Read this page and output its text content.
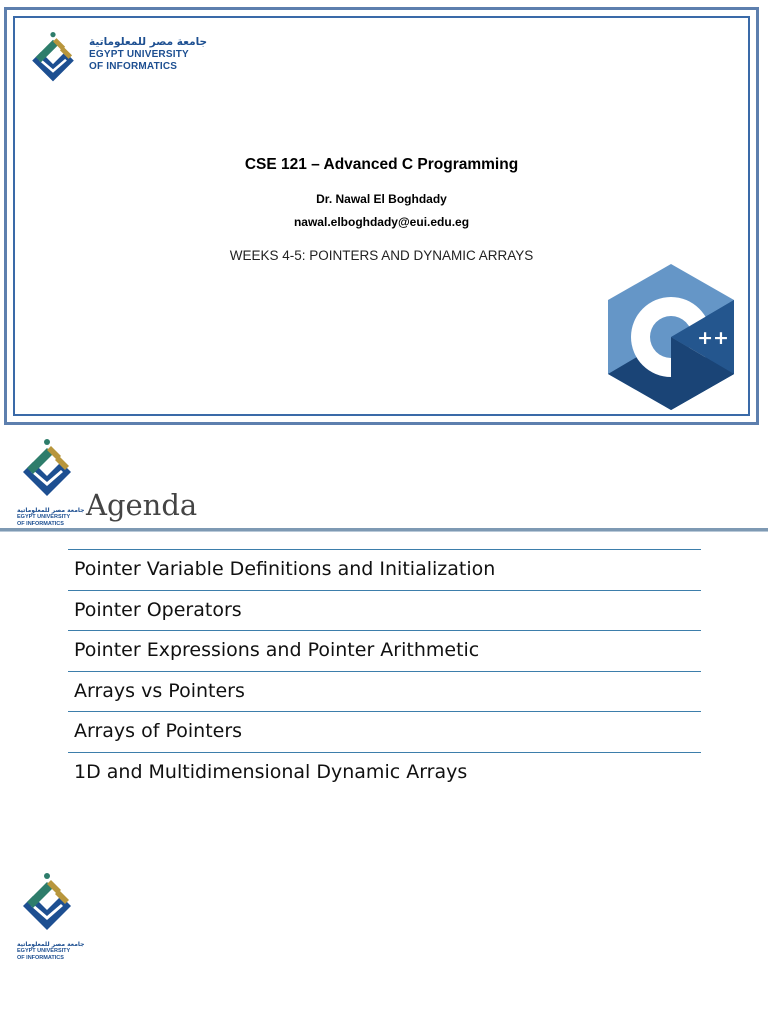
جامعة مصر للمعلوماتية
EGYPT UNIVERSITY
OF INFORMATICS
CSE 121 – Advanced C Programming
Dr. Nawal El Boghdady
nawal.elboghdady@eui.edu.eg
WEEKS 4-5: POINTERS AND DYNAMIC ARRAYS
++
جامعة مصر للمعلوماتية
EGYPT UNIVERSITY
OF INFORMATICS
Agenda
Pointer Variable Definitions and Initialization
Pointer Operators
Pointer Expressions and Pointer Arithmetic
Arrays vs Pointers
Arrays of Pointers
1D and Multidimensional Dynamic Arrays
جامعة مصر للمعلوماتية
EGYPT UNIVERSITY
OF INFORMATICS
